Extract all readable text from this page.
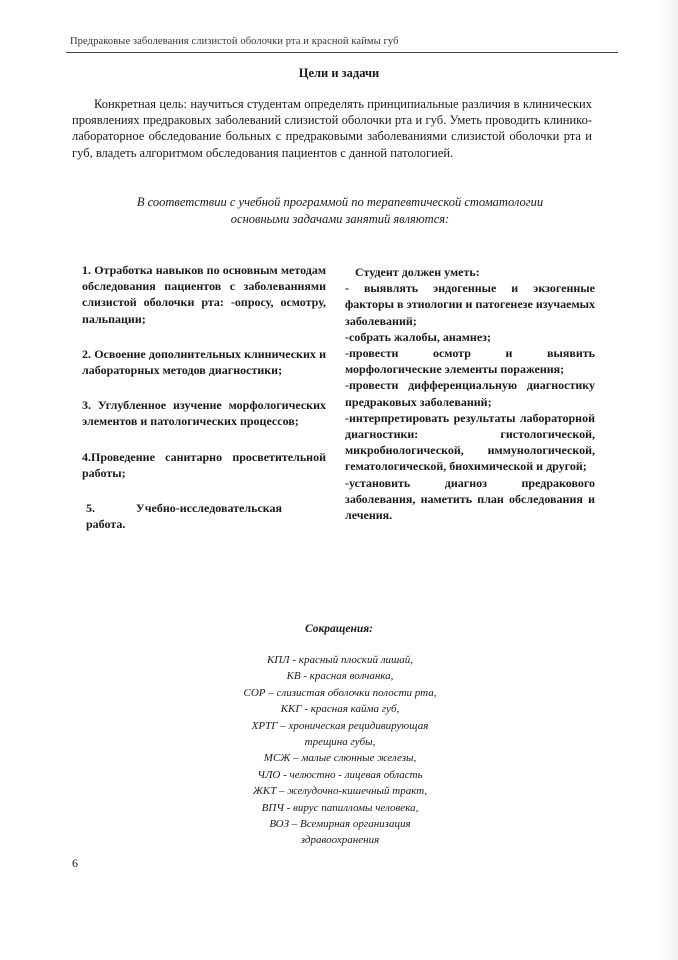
Предраковые заболевания слизистой оболочки рта и красной каймы губ
Цели и задачи

Конкретная цель: научиться студентам определять принципиальные различия в клинических проявлениях предраковых заболеваний слизистой оболочки рта и губ. Уметь проводить клинико-лабораторное обследование больных с предраковыми заболеваниями слизистой оболочки рта и губ, владеть алгоритмом обследования пациентов с данной патологией.

В соответствии с учебной программой по терапевтической стоматологии
основными задачами занятий являются:
1. Отработка навыков по основным методам обследования пациентов с заболеваниями слизистой оболочки рта: -опросу, осмотру, пальпации;
2. Освоение дополнительных клинических и лабораторных методов диагностики;
3. Углубленное изучение морфологических элементов и патологических процессов;
4.Проведение санитарно просветительной работы;
5. Учебно-исследовательская работа.
Студент должен уметь:
- выявлять эндогенные и экзогенные факторы в этиологии и патогенезе изучаемых заболеваний;
-собрать жалобы, анамнез;
-провести осмотр и выявить морфологические элементы поражения;
-провести дифференциальную диагностику предраковых заболеваний;
-интерпретировать результаты лабораторной диагностики: гистологической, микробиологической, иммунологической, гематологической, биохимической и другой;
-установить диагноз предракового заболевания, наметить план обследования и лечения.
Сокращения:
КПЛ - красный плоский лишай,
КВ - красная волчанка,
СОР – слизистая оболочки полости рта,
ККГ - красная кайма губ,
ХРТГ – хроническая рецидивирующая
трещина губы,
МСЖ – малые слюнные железы,
ЧЛО - челюстно - лицевая область
ЖКТ – желудочно-кишечный тракт,
ВПЧ - вирус папилломы человека,
ВОЗ – Всемирная организация
здравоохранения
6
